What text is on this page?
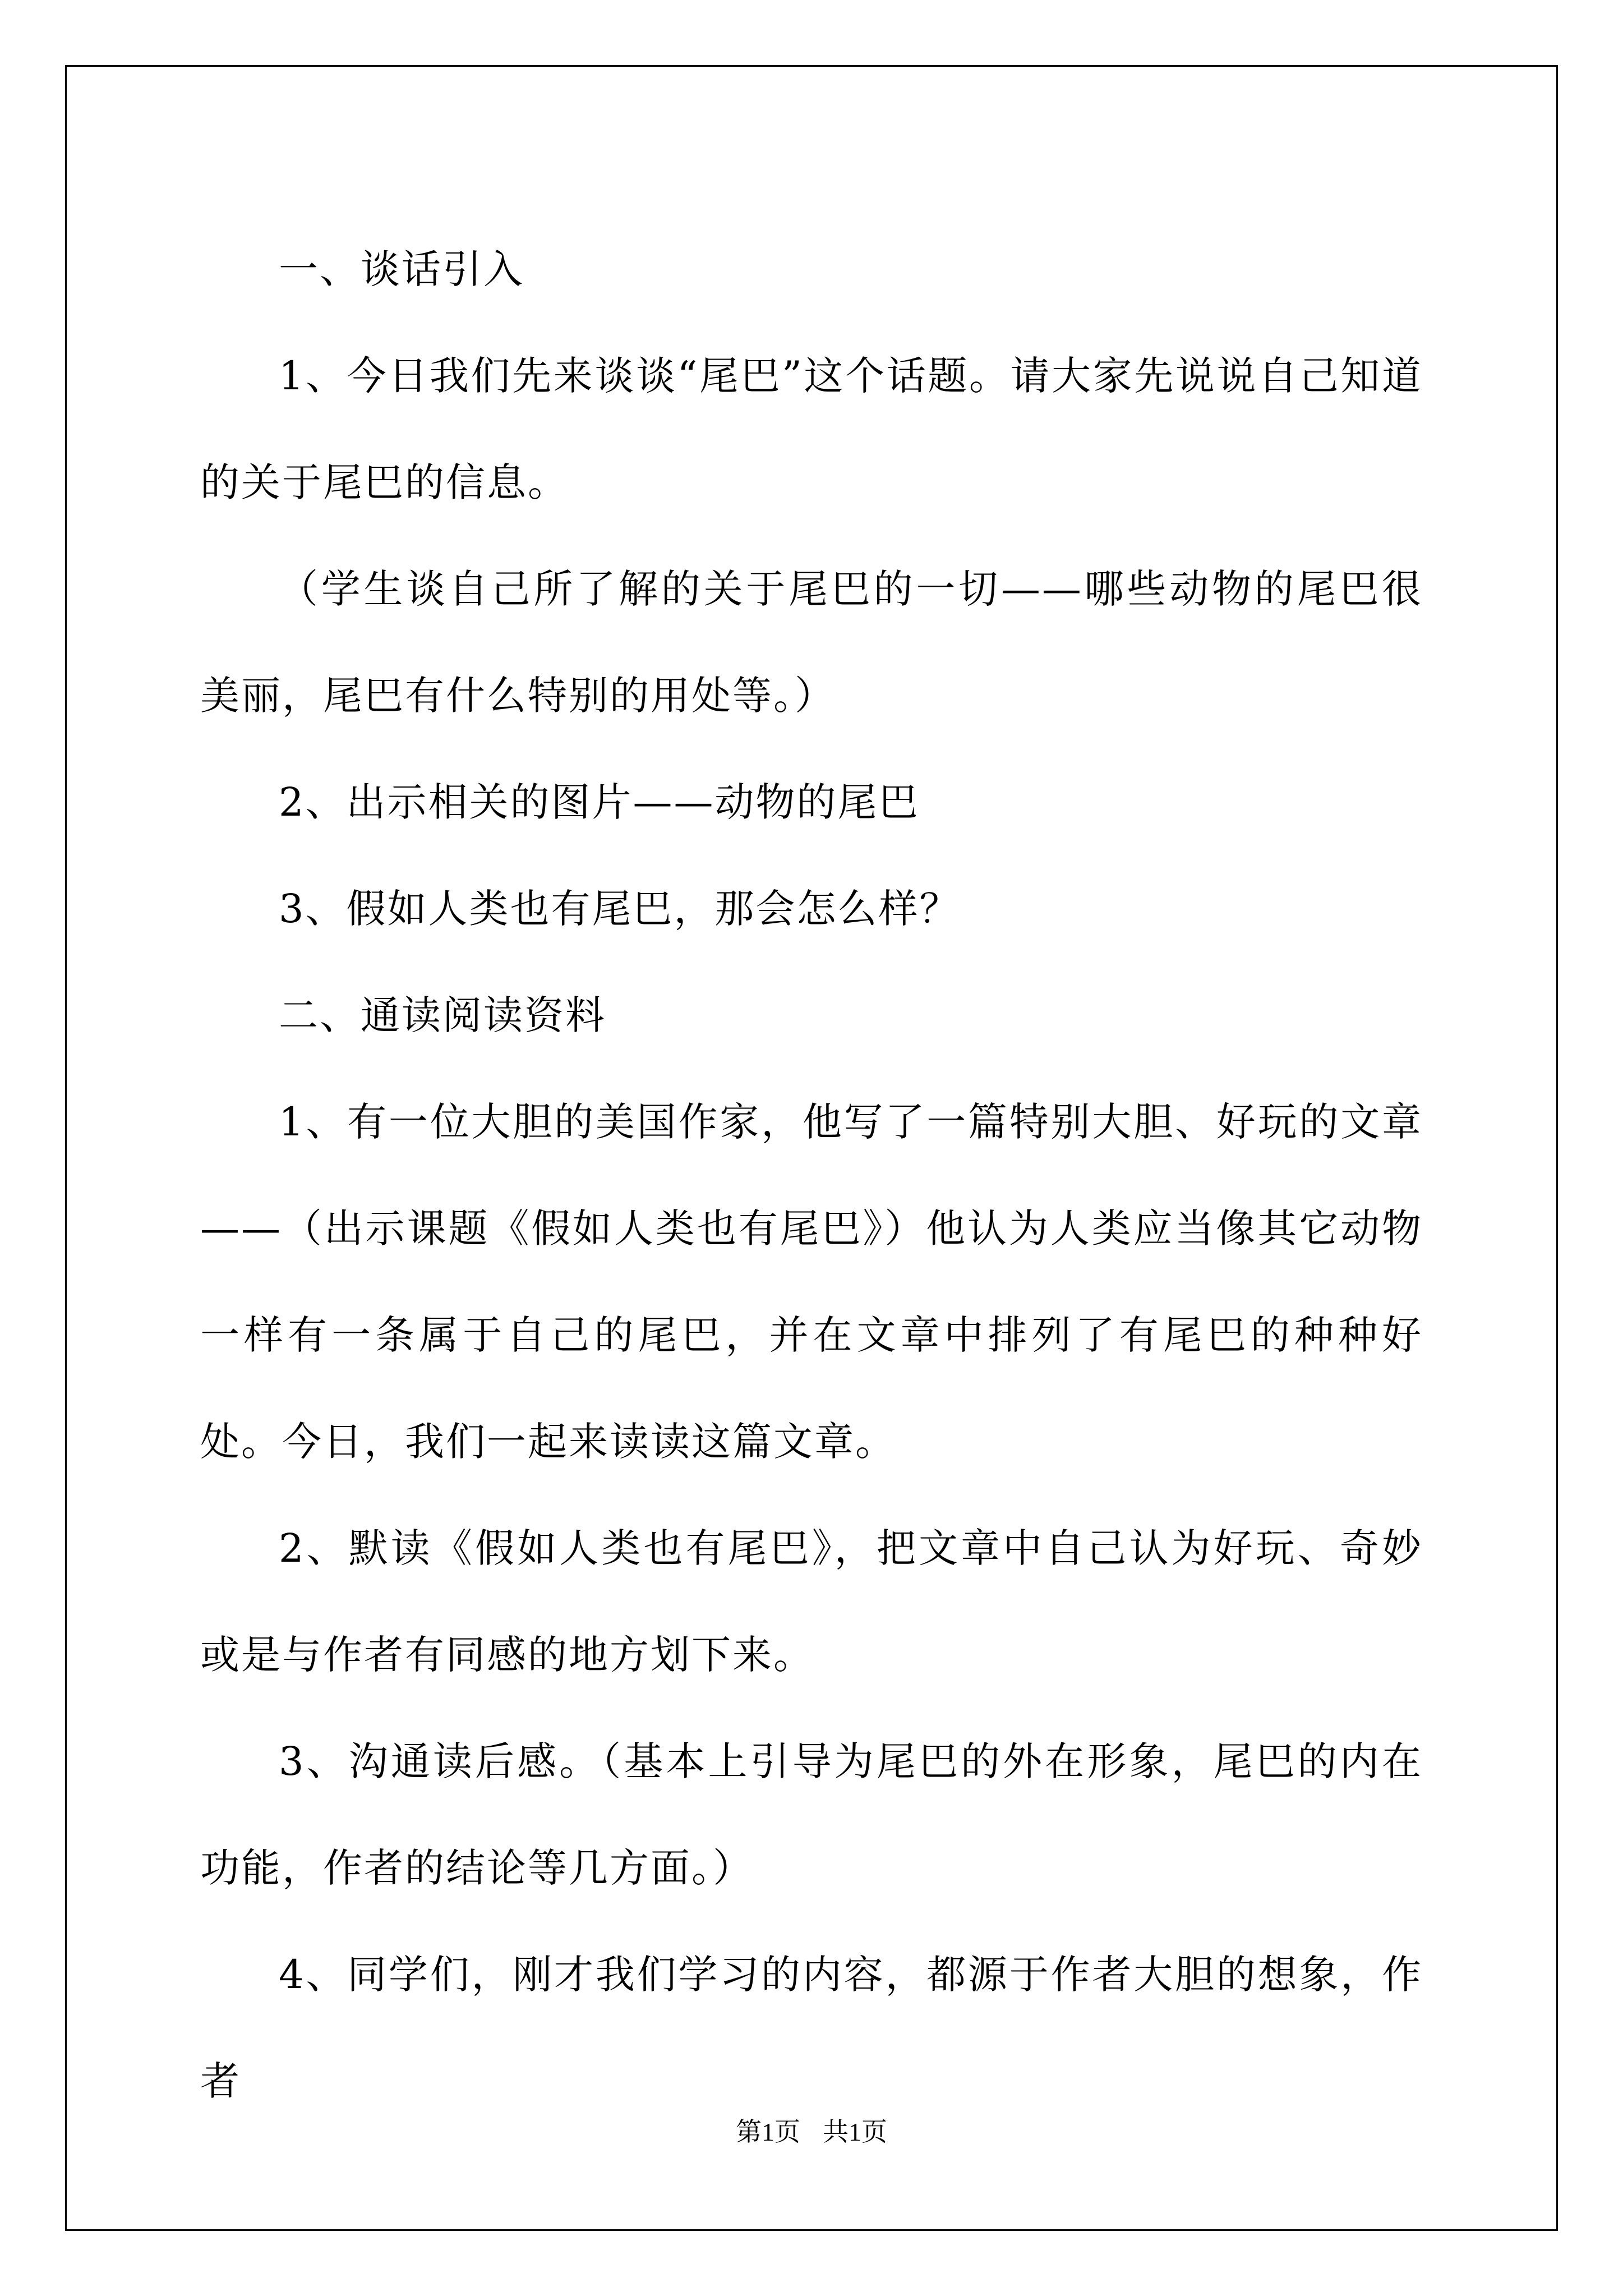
一、谈话引入

1、今日我们先来谈谈“尾巴”这个话题。请大家先说说自己知道的关于尾巴的信息。

（学生谈自己所了解的关于尾巴的一切——哪些动物的尾巴很美丽，尾巴有什么特别的用处等。）

2、出示相关的图片——动物的尾巴

3、假如人类也有尾巴，那会怎么样？

二、通读阅读资料

1、有一位大胆的美国作家，他写了一篇特别大胆、好玩的文章——（出示课题《假如人类也有尾巴》）他认为人类应当像其它动物一样有一条属于自己的尾巴，并在文章中排列了有尾巴的种种好处。今日，我们一起来读读这篇文章。

2、默读《假如人类也有尾巴》，把文章中自己认为好玩、奇妙或是与作者有同感的地方划下来。

3、沟通读后感。（基本上引导为尾巴的外在形象，尾巴的内在功能，作者的结论等几方面。）

4、同学们，刚才我们学习的内容，都源于作者大胆的想象，作者

第1页 共1页
